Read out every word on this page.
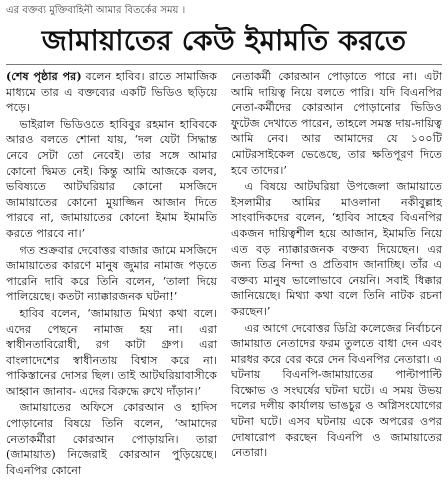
এর বক্তব্য মুক্তিবাহিনী আমার বিতর্কের সময় ।
জামায়াতের কেউ ইমামতি করতে

(শেষ পৃষ্ঠার পর) বলেন হাবিব। রাতে সামাজিক মাধ্যমে তার এ বক্তব্যের একটি ভিডিও ছড়িয়ে পড়ে।

ভাইরাল ভিডিওতে হাবিবুর রহমান হাবিবকে আরও বলতে শোনা যায়, ‘দল যেটা সিদ্ধান্ত নেবে সেটা তো নেবেই। তার সঙ্গে আমার কোনো দ্বিমত নেই। কিন্তু আমি আজকে বলব, ভবিষ্যতে আটঘরিয়ার কোনো মসজিদে জামায়াতের কোনো মুয়াজ্জিন আজান দিতে পারবে না, জামায়াতের কোনো ইমাম ইমামতি করতে পারবে না।’

গত শুক্রবার দেবোত্তর বাজার জামে মসজিদে জামায়াতের কারণে মানুষ জুমার নামাজ পড়তে পারেনি দাবি করে তিনি বলেন, ‘তালা দিয়ে পালিয়েছে। কতটা ন্যাক্কারজনক ঘটনা!’

হাবিব বলেন, ‘জামায়াত মিথ্যা কথা বলে। এদের পেছনে নামাজ হয় না। এরা স্বাধীনতাবিরোধী, রগ কাটা গ্রুপ। এরা বাংলাদেশের স্বাধীনতায় বিশ্বাস করে না। পাকিস্তানের দোসর ছিল। তাই আটঘরিয়াবাসীকে আহ্বান জানাব- এদের বিরুদ্ধে রুখে দাঁড়ান।’

জামায়াতের অফিসে কোরআন ও হাদিস পোড়ানোর বিষয়ে তিনি বলেন, ‘আমাদের নেতাকর্মীরা কোরআন পোড়ায়নি। তারা (জামায়াত) নিজেরাই কোরআন পুড়িয়েছে। বিএনপির কোনো

নেতাকর্মী কোরআন পোড়াতে পারে না। এটা আমি দায়িত্ব নিয়ে বলতে পারি। যদি বিএনপির নেতা-কর্মীদের কোরআন পোড়ানোর ভিডিও ফুটেজ দেখাতে পারেন, তাহলে সমস্ত দায়-দায়িত্ব আমি নেব। আর আমাদের যে ১০০টি মোটরসাইকেল ভেঙেছে, তার ক্ষতিপূরণ দিতে হবে তাদের।’

এ বিষয়ে আটঘরিয়া উপজেলা জামায়াতে ইসলামীর আমির মাওলানা নকীবুল্লাহ সাংবাদিকদের বলেন, ‘হাবিব সাহেব বিএনপির একজন দায়িত্বশীল হয়ে আজান, ইমামতি নিয়ে এত বড় ন্যাক্কারজনক বক্তব্য দিয়েছেন। এর জন্য তিব্র নিন্দা ও প্রতিবাদ জানাচ্ছি। তাঁর এ বক্তব্য মানুষ ভালোভাবে নেয়নি। সবাই ধিক্কার জানিয়েছে। মিথ্যা কথা বলে তিনি নাটক রচনা করছেন।’

এর আগে দেবোত্তর ডিগ্রি কলেজের নির্বাচনে জামায়াত নেতাদের ফরম তুলতে বাধা দেন এবং মারধর করে বের করে দেন বিএনপির নেতারা। এ ঘটনায় বিএনপি-জামায়াতের পাল্টাপাল্টি বিক্ষোভ ও সংঘর্ষের ঘটনা ঘটে। এ সময় উভয় দলের দলীয় কার্যালয় ভাঙচুর ও অগ্নিসংযোগের ঘটনা ঘটে। এসব ঘটনায় একে অপরের ওপর দোষারোপ করছেন বিএনপি ও জামায়াতের নেতারা।
